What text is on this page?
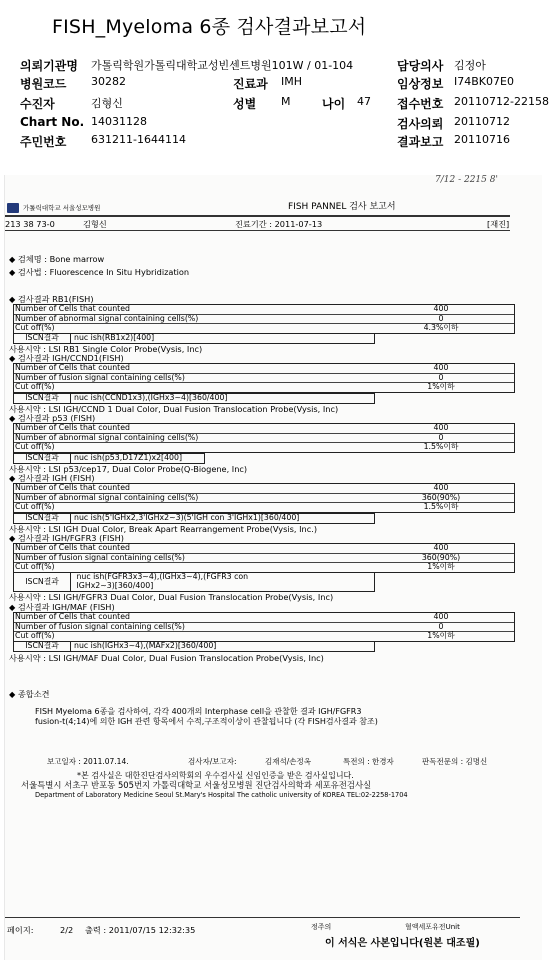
FISH_Myeloma 6종 검사결과보고서
의뢰기관명 가톨릭학원가톨릭대학교성빈센트병원101W / 01-104	담당의사 김정아
병원코드 30282	진료과 IMH	임상정보 I74BK07E0
수진자	김형신	성별 M	나이 47 접수번호 20110712-22158
Chart No. 14031128	검사의뢰 20110712
주민번호 631211-1644114	결과보고 20110716
7/12 - 2215 8'
가톨릭대학교 서울성모병원	FISH PANNEL 검사 보고서
213 38 73-0	김형신	진료기간 : 2011-07-13	[재진]
◆ 검체명 : Bone marrow
◆ 검사법 : Fluorescence In Situ Hybridization
◆ 검사결과 RB1(FISH)
Number of Cells that counted	400
Number of abnormal signal containing cells(%)	0
Cut off(%)	4.3%이하
ISCN결과 nuc ish(RB1x2)[400]
사용시약 : LSI RB1 Single Color Probe(Vysis, Inc)
◆ 검사결과 IGH/CCND1(FISH)
Number of Cells that counted	400
Number of fusion signal containing cells(%)	0
Cut off(%)	1%이하
ISCN결과 nuc ish(CCND1x3),(IGHx3~4)[360/400]
사용시약 : LSI IGH/CCND 1 Dual Color, Dual Fusion Translocation Probe(Vysis, Inc)
◆ 검사결과 p53 (FISH)
Number of Cells that counted	400
Number of abnormal signal containing cells(%)	0
Cut off(%)	1.5%이하
ISCN결과 nuc ish(p53,D17Z1)x2[400]
사용시약 : LSI p53/cep17, Dual Color Probe(Q-Biogene, Inc)
◆ 검사결과 IGH (FISH)
Number of Cells that counted	400
Number of abnormal signal containing cells(%)	360(90%)
Cut off(%)	1.5%이하
ISCN결과 nuc ish(5'IGHx2,3'IGHx2~3)(5'IGH con 3'IGHx1)[360/400]
사용시약 : LSI IGH Dual Color, Break Apart Rearrangement Probe(Vysis, Inc.)
◆ 검사결과 IGH/FGFR3 (FISH)
Number of Cells that counted	400
Number of fusion signal containing cells(%)	360(90%)
Cut off(%)	1%이하
ISCN결과
nuc ish(FGFR3x3~4),(IGHx3~4),(FGFR3 con
IGHx2~3)[360/400]
사용시약 : LSI IGH/FGFR3 Dual Color, Dual Fusion Translocation Probe(Vysis, Inc)
◆ 검사결과 IGH/MAF (FISH)
Number of Cells that counted	400
Number of fusion signal containing cells(%)	0
Cut off(%)	1%이하
ISCN결과 nuc ish(IGHx3~4),(MAFx2)[360/400]
사용시약 : LSI IGH/MAF Dual Color, Dual Fusion Translocation Probe(Vysis, Inc)
◆ 종합소견
FISH Myeloma 6종을 검사하여, 각각 400개의 Interphase cell을 관찰한 결과 IGH/FGFR3
fusion-t(4;14)에 의한 IGH 관련 항목에서 수적,구조적이상이 관찰됩니다 (각 FISH검사결과 참조)
보고일자 : 2011.07.14.	검사자/보고자:	김재석/손정옥	특전의 : 한경자	판독전문의 : 김명신
*본 검사실은 대한진단검사의학회의 우수검사실 신임인증을 받은 검사실입니다.
서울특별시 서초구 반포동 505번지 가톨릭대학교 서울성모병원 진단검사의학과 세포유전검사실
Department of Laboratory Medicine Seoul St.Mary's Hospital The catholic university of KOREA TEL:02-2258-1704
페이지:	2/2 출력 : 2011/07/15 12:32:35	정주의	혈액세포유전Unit
이 서식은 사본입니다(원본 대조필)
